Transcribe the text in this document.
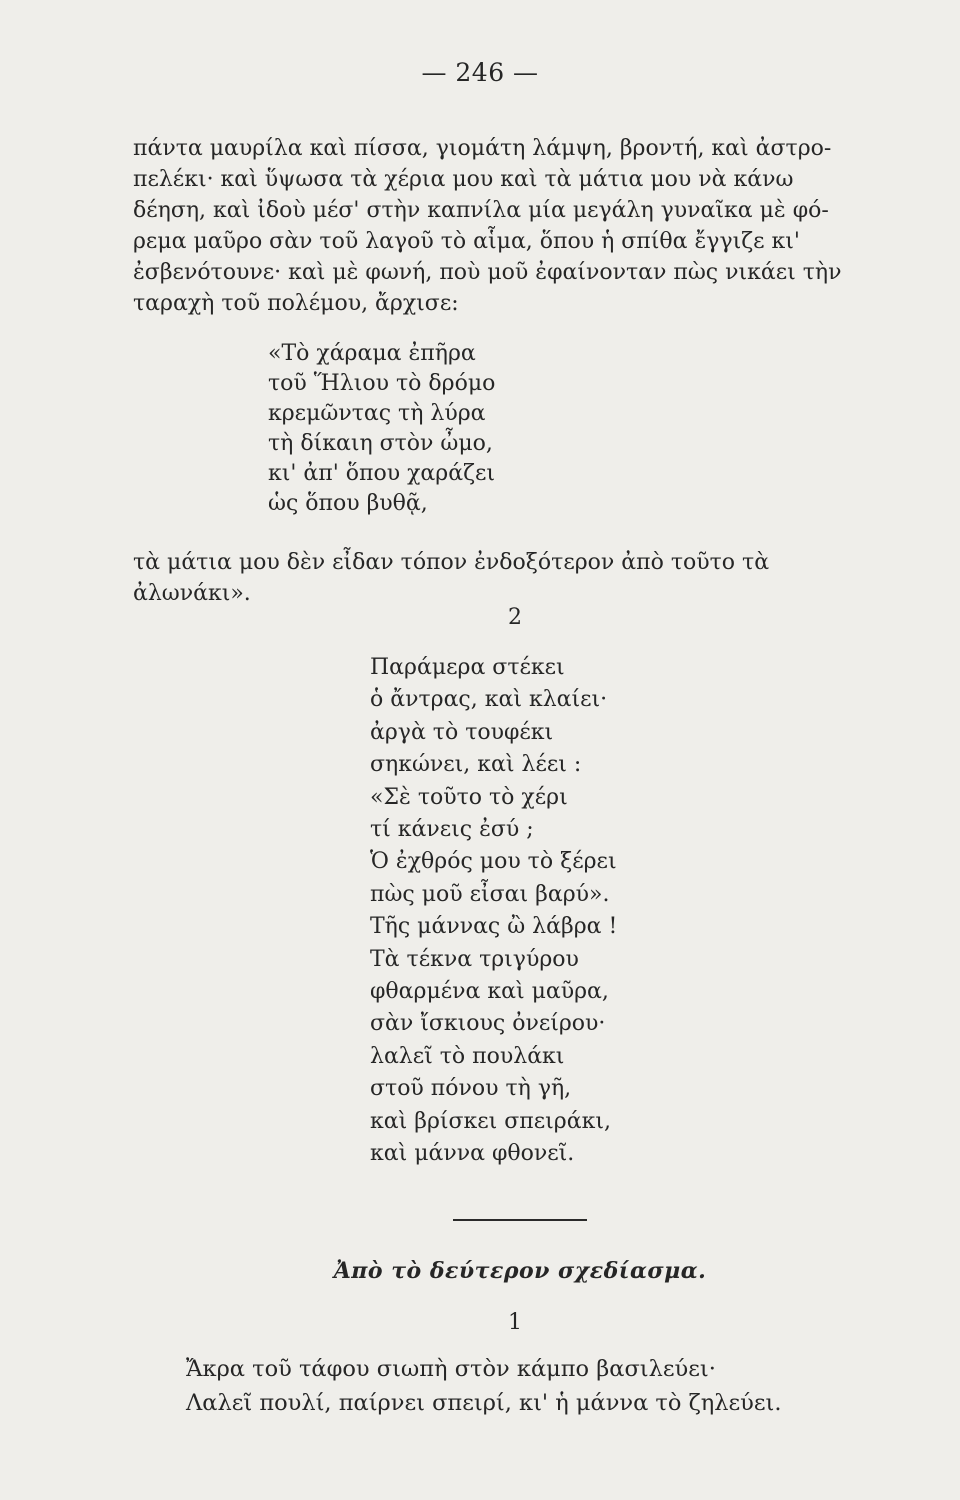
— 246 —
πάντα μαυρίλα καὶ πίσσα, γιομάτη λάμψη, βροντή, καὶ ἀστρο-
πελέκι· καὶ ὕψωσα τὰ χέρια μου καὶ τὰ μάτια μου νὰ κάνω
δέηση, καὶ ἰδοὺ μέσ' στὴν καπνίλα μία μεγάλη γυναῖκα μὲ φό-
ρεμα μαῦρο σὰν τοῦ λαγοῦ τὸ αἷμα, ὅπου ἡ σπίθα ἔγγιζε κι'
ἐσβενότουνε· καὶ μὲ φωνή, ποὺ μοῦ ἐφαίνονταν πὼς νικάει τὴν
ταραχὴ τοῦ πολέμου, ἄρχισε:
«Τὸ χάραμα ἐπῆρα
τοῦ Ἥλιου τὸ δρόμο
κρεμῶντας τὴ λύρα
τὴ δίκαιη στὸν ὦμο,
κι' ἀπ' ὅπου χαράζει
ὡς ὅπου βυθᾷ,
τὰ μάτια μου δὲν εἶδαν τόπον ἐνδοξότερον ἀπὸ τοῦτο τὰ
ἀλωνάκι».
2
Παράμερα στέκει
ὁ ἄντρας, καὶ κλαίει·
ἀργὰ τὸ τουφέκι
σηκώνει, καὶ λέει :
«Σὲ τοῦτο τὸ χέρι
τί κάνεις ἐσύ ;
Ὁ ἐχθρός μου τὸ ξέρει
πὼς μοῦ εἶσαι βαρύ».
Τῆς μάννας ὢ λάβρα !
Τὰ τέκνα τριγύρου
φθαρμένα καὶ μαῦρα,
σὰν ἴσκιους ὀνείρου·
λαλεῖ τὸ πουλάκι
στοῦ πόνου τὴ γῆ,
καὶ βρίσκει σπειράκι,
καὶ μάννα φθονεῖ.
Ἀπὸ τὸ δεύτερον σχεδίασμα.
1
Ἄκρα τοῦ τάφου σιωπὴ στὸν κάμπο βασιλεύει·
Λαλεῖ πουλί, παίρνει σπειρί, κι' ἡ μάννα τὸ ζηλεύει.
